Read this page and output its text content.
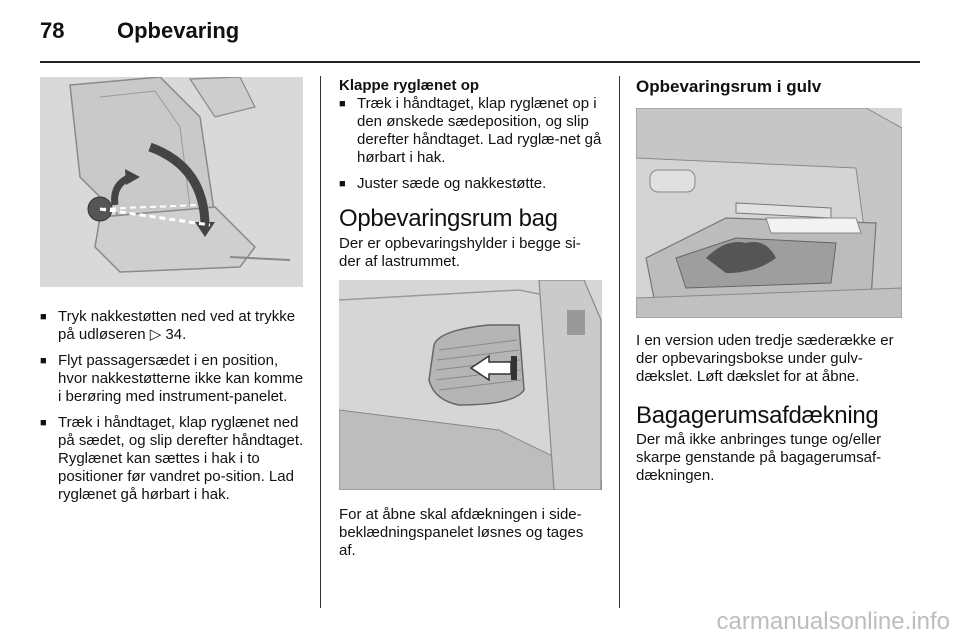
78 Opbevaring
■ Tryk nakkestøtten ned ved at trykke på udløseren ▷ 34.
■ Flyt passagersædet i en position, hvor nakkestøtterne ikke kan komme i berøring med instrument-panelet.
■ Træk i håndtaget, klap ryglænet ned på sædet, og slip derefter håndtaget. Ryglænet kan sættes i hak i to positioner før vandret po-sition. Lad ryglænet gå hørbart i hak.
Klappe ryglænet op
■ Træk i håndtaget, klap ryglænet op i den ønskede sædeposition, og slip derefter håndtaget. Lad ryglæ-net gå hørbart i hak.
■ Juster sæde og nakkestøtte.
Opbevaringsrum bag
Der er opbevaringshylder i begge si-der af lastrummet.
For at åbne skal afdækningen i side-beklædningspanelet løsnes og tages af.
Opbevaringsrum i gulv
I en version uden tredje sæderække er der opbevaringsbokse under gulv-dækslet. Løft dækslet for at åbne.
Bagagerumsafdækning
Der må ikke anbringes tunge og/eller skarpe genstande på bagagerumsaf-dækningen.
carmanualsonline.info
